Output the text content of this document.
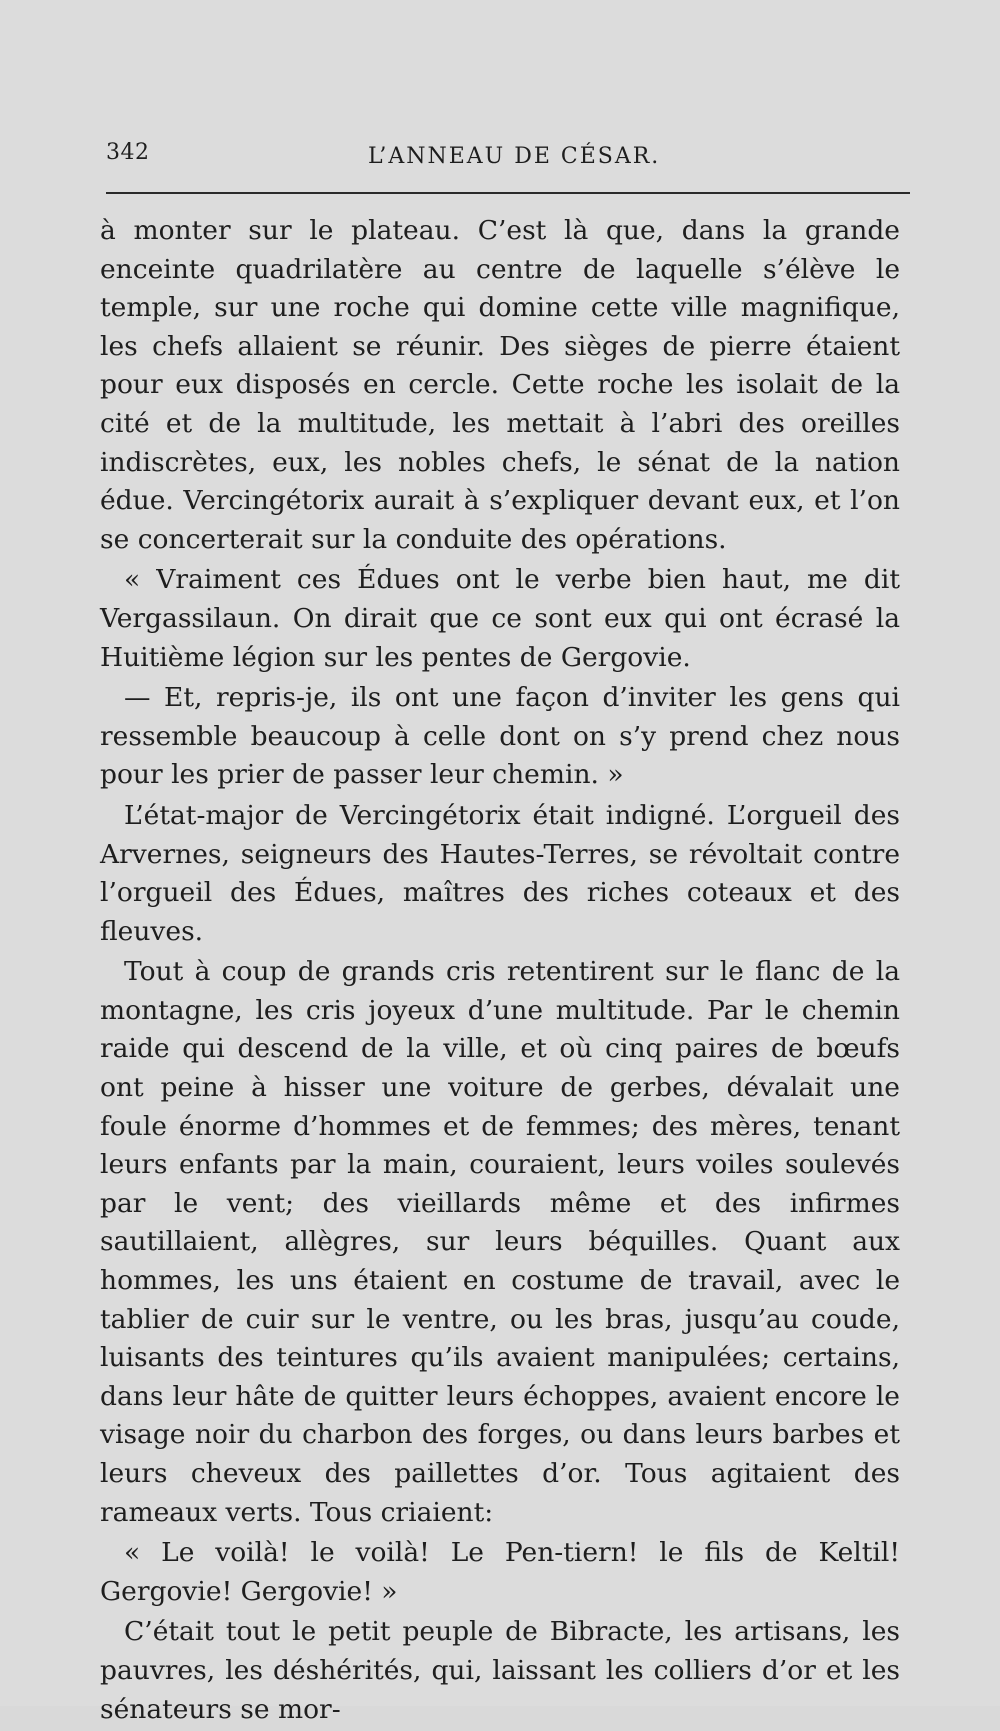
342	L’ANNEAU DE CÉSAR.

à monter sur le plateau. C’est là que, dans la grande enceinte quadrilatère au centre de laquelle s’élève le temple, sur une roche qui domine cette ville magnifique, les chefs allaient se réunir. Des sièges de pierre étaient pour eux disposés en cercle. Cette roche les isolait de la cité et de la multitude, les mettait à l’abri des oreilles indiscrètes, eux, les nobles chefs, le sénat de la nation édue. Vercingétorix aurait à s’expliquer devant eux, et l’on se concerterait sur la conduite des opérations.

« Vraiment ces Édues ont le verbe bien haut, me dit Vergassilaun. On dirait que ce sont eux qui ont écrasé la Huitième légion sur les pentes de Gergovie.

— Et, repris-je, ils ont une façon d’inviter les gens qui ressemble beaucoup à celle dont on s’y prend chez nous pour les prier de passer leur chemin. »

L’état-major de Vercingétorix était indigné. L’orgueil des Arvernes, seigneurs des Hautes-Terres, se révoltait contre l’orgueil des Édues, maîtres des riches coteaux et des fleuves.

Tout à coup de grands cris retentirent sur le flanc de la montagne, les cris joyeux d’une multitude. Par le chemin raide qui descend de la ville, et où cinq paires de bœufs ont peine à hisser une voiture de gerbes, dévalait une foule énorme d’hommes et de femmes; des mères, tenant leurs enfants par la main, couraient, leurs voiles soulevés par le vent; des vieillards même et des infirmes sautillaient, allègres, sur leurs béquilles. Quant aux hommes, les uns étaient en costume de travail, avec le tablier de cuir sur le ventre, ou les bras, jusqu’au coude, luisants des teintures qu’ils avaient manipulées; certains, dans leur hâte de quitter leurs échoppes, avaient encore le visage noir du charbon des forges, ou dans leurs barbes et leurs cheveux des paillettes d’or. Tous agitaient des rameaux verts. Tous criaient:

« Le voilà! le voilà! Le Pen-tiern! le fils de Keltil! Gergovie! Gergovie! »

C’était tout le petit peuple de Bibracte, les artisans, les pauvres, les déshérités, qui, laissant les colliers d’or et les sénateurs se mor-
